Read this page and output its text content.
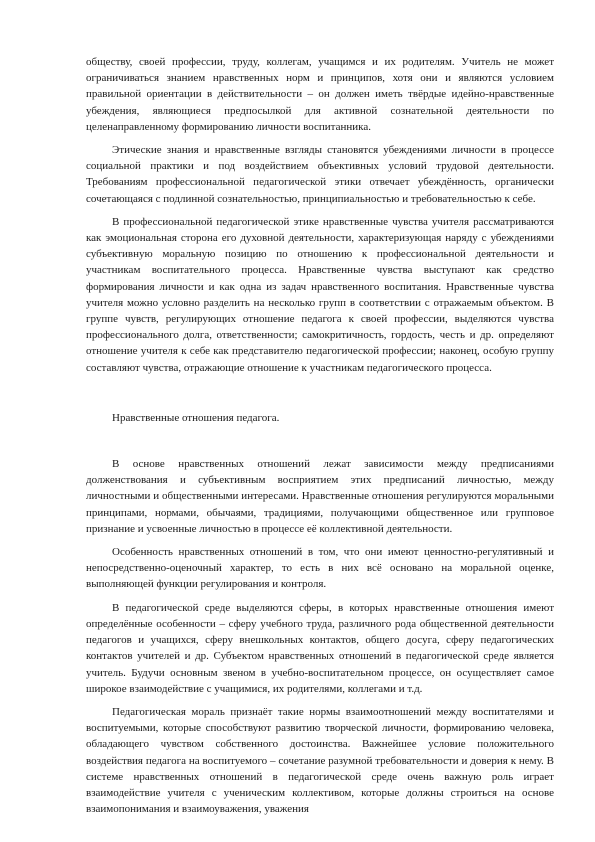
обществу, своей профессии, труду, коллегам, учащимся и их родителям. Учитель не может ограничиваться знанием нравственных норм и принципов, хотя они и являются условием правильной ориентации в действительности – он должен иметь твёрдые идейно-нравственные убеждения, являющиеся предпосылкой для активной сознательной деятельности по целенаправленному формированию личности воспитанника.

Этические знания и нравственные взгляды становятся убеждениями личности в процессе социальной практики и под воздействием объективных условий трудовой деятельности. Требованиям профессиональной педагогической этики отвечает убеждённость, органически сочетающаяся с подлинной сознательностью, принципиальностью и требовательностью к себе.

В профессиональной педагогической этике нравственные чувства учителя рассматриваются как эмоциональная сторона его духовной деятельности, характеризующая наряду с убеждениями субъективную моральную позицию по отношению к профессиональной деятельности и участникам воспитательного процесса. Нравственные чувства выступают как средство формирования личности и как одна из задач нравственного воспитания. Нравственные чувства учителя можно условно разделить на несколько групп в соответствии с отражаемым объектом. В группе чувств, регулирующих отношение педагога к своей профессии, выделяются чувства профессионального долга, ответственности; самокритичность, гордость, честь и др. определяют отношение учителя к себе как представителю педагогической профессии; наконец, особую группу составляют чувства, отражающие отношение к участникам педагогического процесса.

Нравственные отношения педагога.

В основе нравственных отношений лежат зависимости между предписаниями долженствования и субъективным восприятием этих предписаний личностью, между личностными и общественными интересами. Нравственные отношения регулируются моральными принципами, нормами, обычаями, традициями, получающими общественное или групповое признание и усвоенные личностью в процессе её коллективной деятельности.

Особенность нравственных отношений в том, что они имеют ценностно-регулятивный и непосредственно-оценочный характер, то есть в них всё основано на моральной оценке, выполняющей функции регулирования и контроля.

В педагогической среде выделяются сферы, в которых нравственные отношения имеют определённые особенности – сферу учебного труда, различного рода общественной деятельности педагогов и учащихся, сферу внешкольных контактов, общего досуга, сферу педагогических контактов учителей и др. Субъектом нравственных отношений в педагогической среде является учитель. Будучи основным звеном в учебно-воспитательном процессе, он осуществляет самое широкое взаимодействие с учащимися, их родителями, коллегами и т.д.

Педагогическая мораль признаёт такие нормы взаимоотношений между воспитателями и воспитуемыми, которые способствуют развитию творческой личности, формированию человека, обладающего чувством собственного достоинства. Важнейшее условие положительного воздействия педагога на воспитуемого – сочетание разумной требовательности и доверия к нему. В системе нравственных отношений в педагогической среде очень важную роль играет взаимодействие учителя с ученическим коллективом, которые должны строиться на основе взаимопонимания и взаимоуважения, уважения
